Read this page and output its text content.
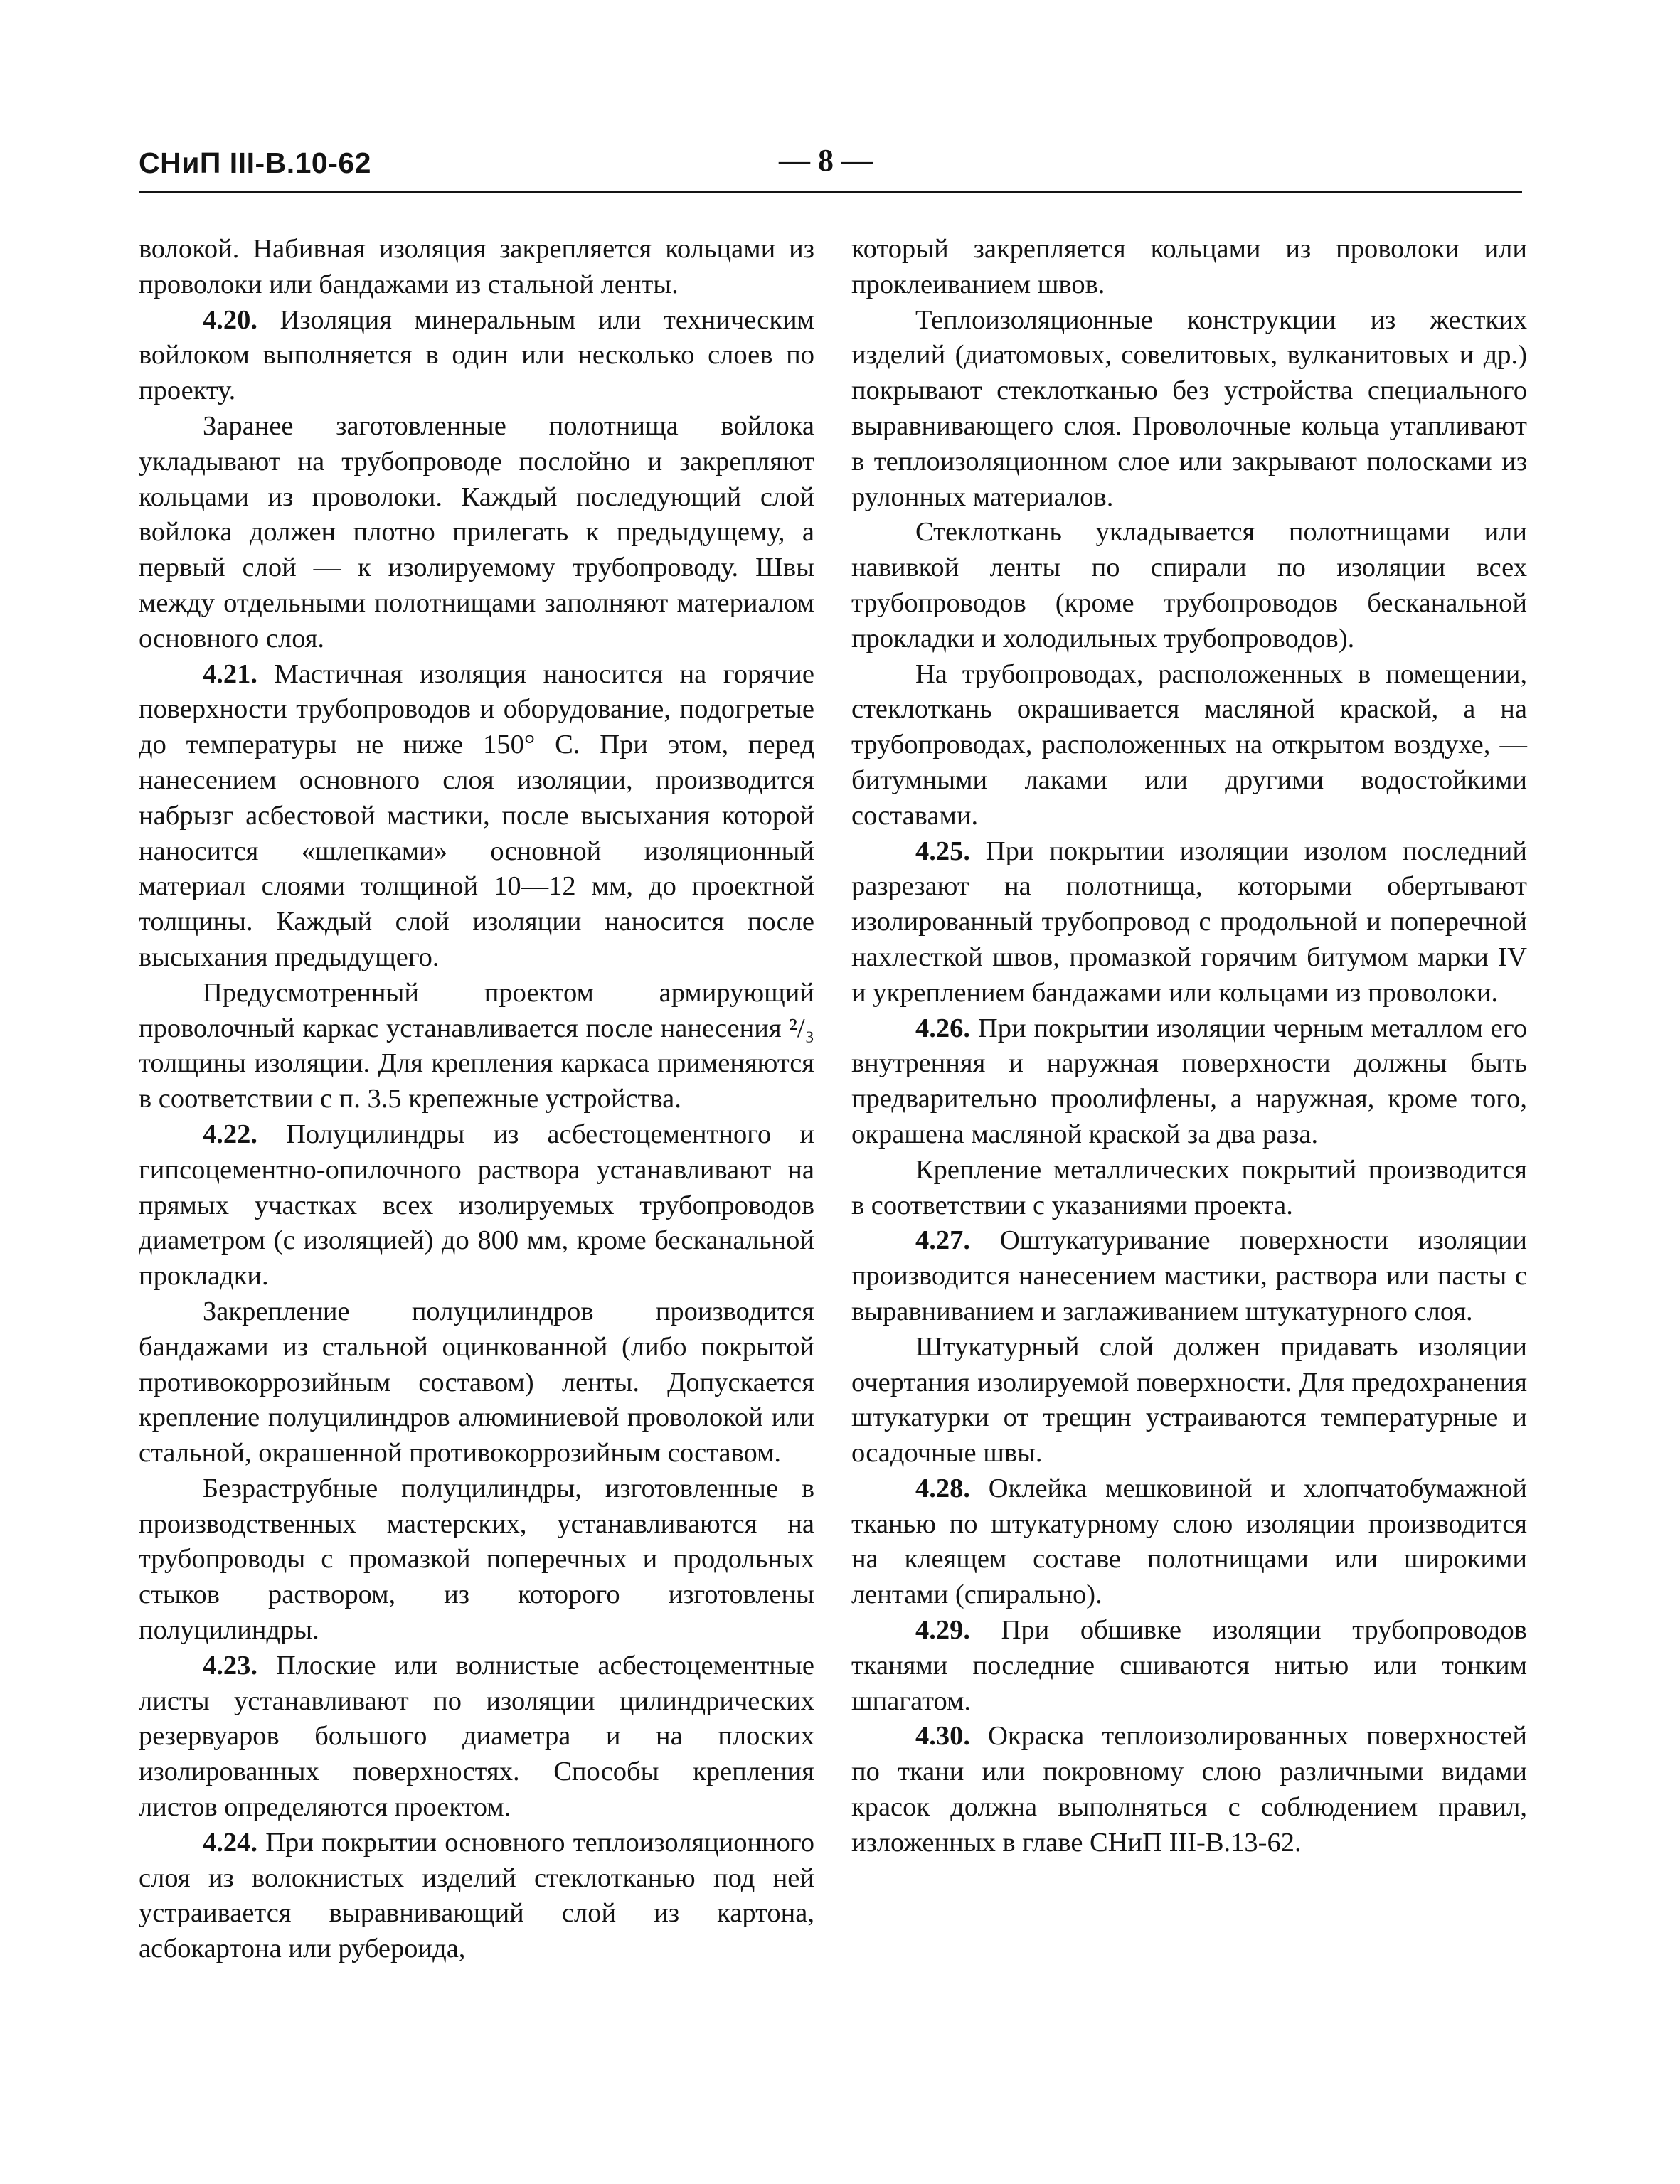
СНиП III-В.10-62	— 8 —

волокой. Набивная изоляция закрепляется кольцами из проволоки или бандажами из стальной ленты.

4.20. Изоляция минеральным или техническим войлоком выполняется в один или несколько слоев по проекту.

Заранее заготовленные полотнища войлока укладывают на трубопроводе послойно и закрепляют кольцами из проволоки. Каждый последующий слой войлока должен плотно прилегать к предыдущему, а первый слой — к изолируемому трубопроводу. Швы между отдельными полотнищами заполняют материалом основного слоя.

4.21. Мастичная изоляция наносится на горячие поверхности трубопроводов и оборудование, подогретые до температуры не ниже 150° С. При этом, перед нанесением основного слоя изоляции, производится набрызг асбестовой мастики, после высыхания которой наносится «шлепками» основной изоляционный материал слоями толщиной 10—12 мм, до проектной толщины. Каждый слой изоляции наносится после высыхания предыдущего.

Предусмотренный проектом армирующий проволочный каркас устанавливается после нанесения ²/₃ толщины изоляции. Для крепления каркаса применяются в соответствии с п. 3.5 крепежные устройства.

4.22. Полуцилиндры из асбестоцементного и гипсоцементно-опилочного раствора устанавливают на прямых участках всех изолируемых трубопроводов диаметром (с изоляцией) до 800 мм, кроме бесканальной прокладки.

Закрепление полуцилиндров производится бандажами из стальной оцинкованной (либо покрытой противокоррозийным составом) ленты. Допускается крепление полуцилиндров алюминиевой проволокой или стальной, окрашенной противокоррозийным составом.

Безраструбные полуцилиндры, изготовленные в производственных мастерских, устанавливаются на трубопроводы с промазкой поперечных и продольных стыков раствором, из которого изготовлены полуцилиндры.

4.23. Плоские или волнистые асбестоцементные листы устанавливают по изоляции цилиндрических резервуаров большого диаметра и на плоских изолированных поверхностях. Способы крепления листов определяются проектом.

4.24. При покрытии основного теплоизоляционного слоя из волокнистых изделий стеклотканью под ней устраивается выравнивающий слой из картона, асбокартона или рубероида,

который закрепляется кольцами из проволоки или проклеиванием швов.

Теплоизоляционные конструкции из жестких изделий (диатомовых, совелитовых, вулканитовых и др.) покрывают стеклотканью без устройства специального выравнивающего слоя. Проволочные кольца утапливают в теплоизоляционном слое или закрывают полосками из рулонных материалов.

Стеклоткань укладывается полотнищами или навивкой ленты по спирали по изоляции всех трубопроводов (кроме трубопроводов бесканальной прокладки и холодильных трубопроводов).

На трубопроводах, расположенных в помещении, стеклоткань окрашивается масляной краской, а на трубопроводах, расположенных на открытом воздухе, — битумными лаками или другими водостойкими составами.

4.25. При покрытии изоляции изолом последний разрезают на полотнища, которыми обертывают изолированный трубопровод с продольной и поперечной нахлесткой швов, промазкой горячим битумом марки IV и укреплением бандажами или кольцами из проволоки.

4.26. При покрытии изоляции черным металлом его внутренняя и наружная поверхности должны быть предварительно проолифлены, а наружная, кроме того, окрашена масляной краской за два раза.

Крепление металлических покрытий производится в соответствии с указаниями проекта.

4.27. Оштукатуривание поверхности изоляции производится нанесением мастики, раствора или пасты с выравниванием и заглаживанием штукатурного слоя.

Штукатурный слой должен придавать изоляции очертания изолируемой поверхности. Для предохранения штукатурки от трещин устраиваются температурные и осадочные швы.

4.28. Оклейка мешковиной и хлопчатобумажной тканью по штукатурному слою изоляции производится на клеящем составе полотнищами или широкими лентами (спирально).

4.29. При обшивке изоляции трубопроводов тканями последние сшиваются нитью или тонким шпагатом.

4.30. Окраска теплоизолированных поверхностей по ткани или покровному слою различными видами красок должна выполняться с соблюдением правил, изложенных в главе СНиП III-В.13-62.
